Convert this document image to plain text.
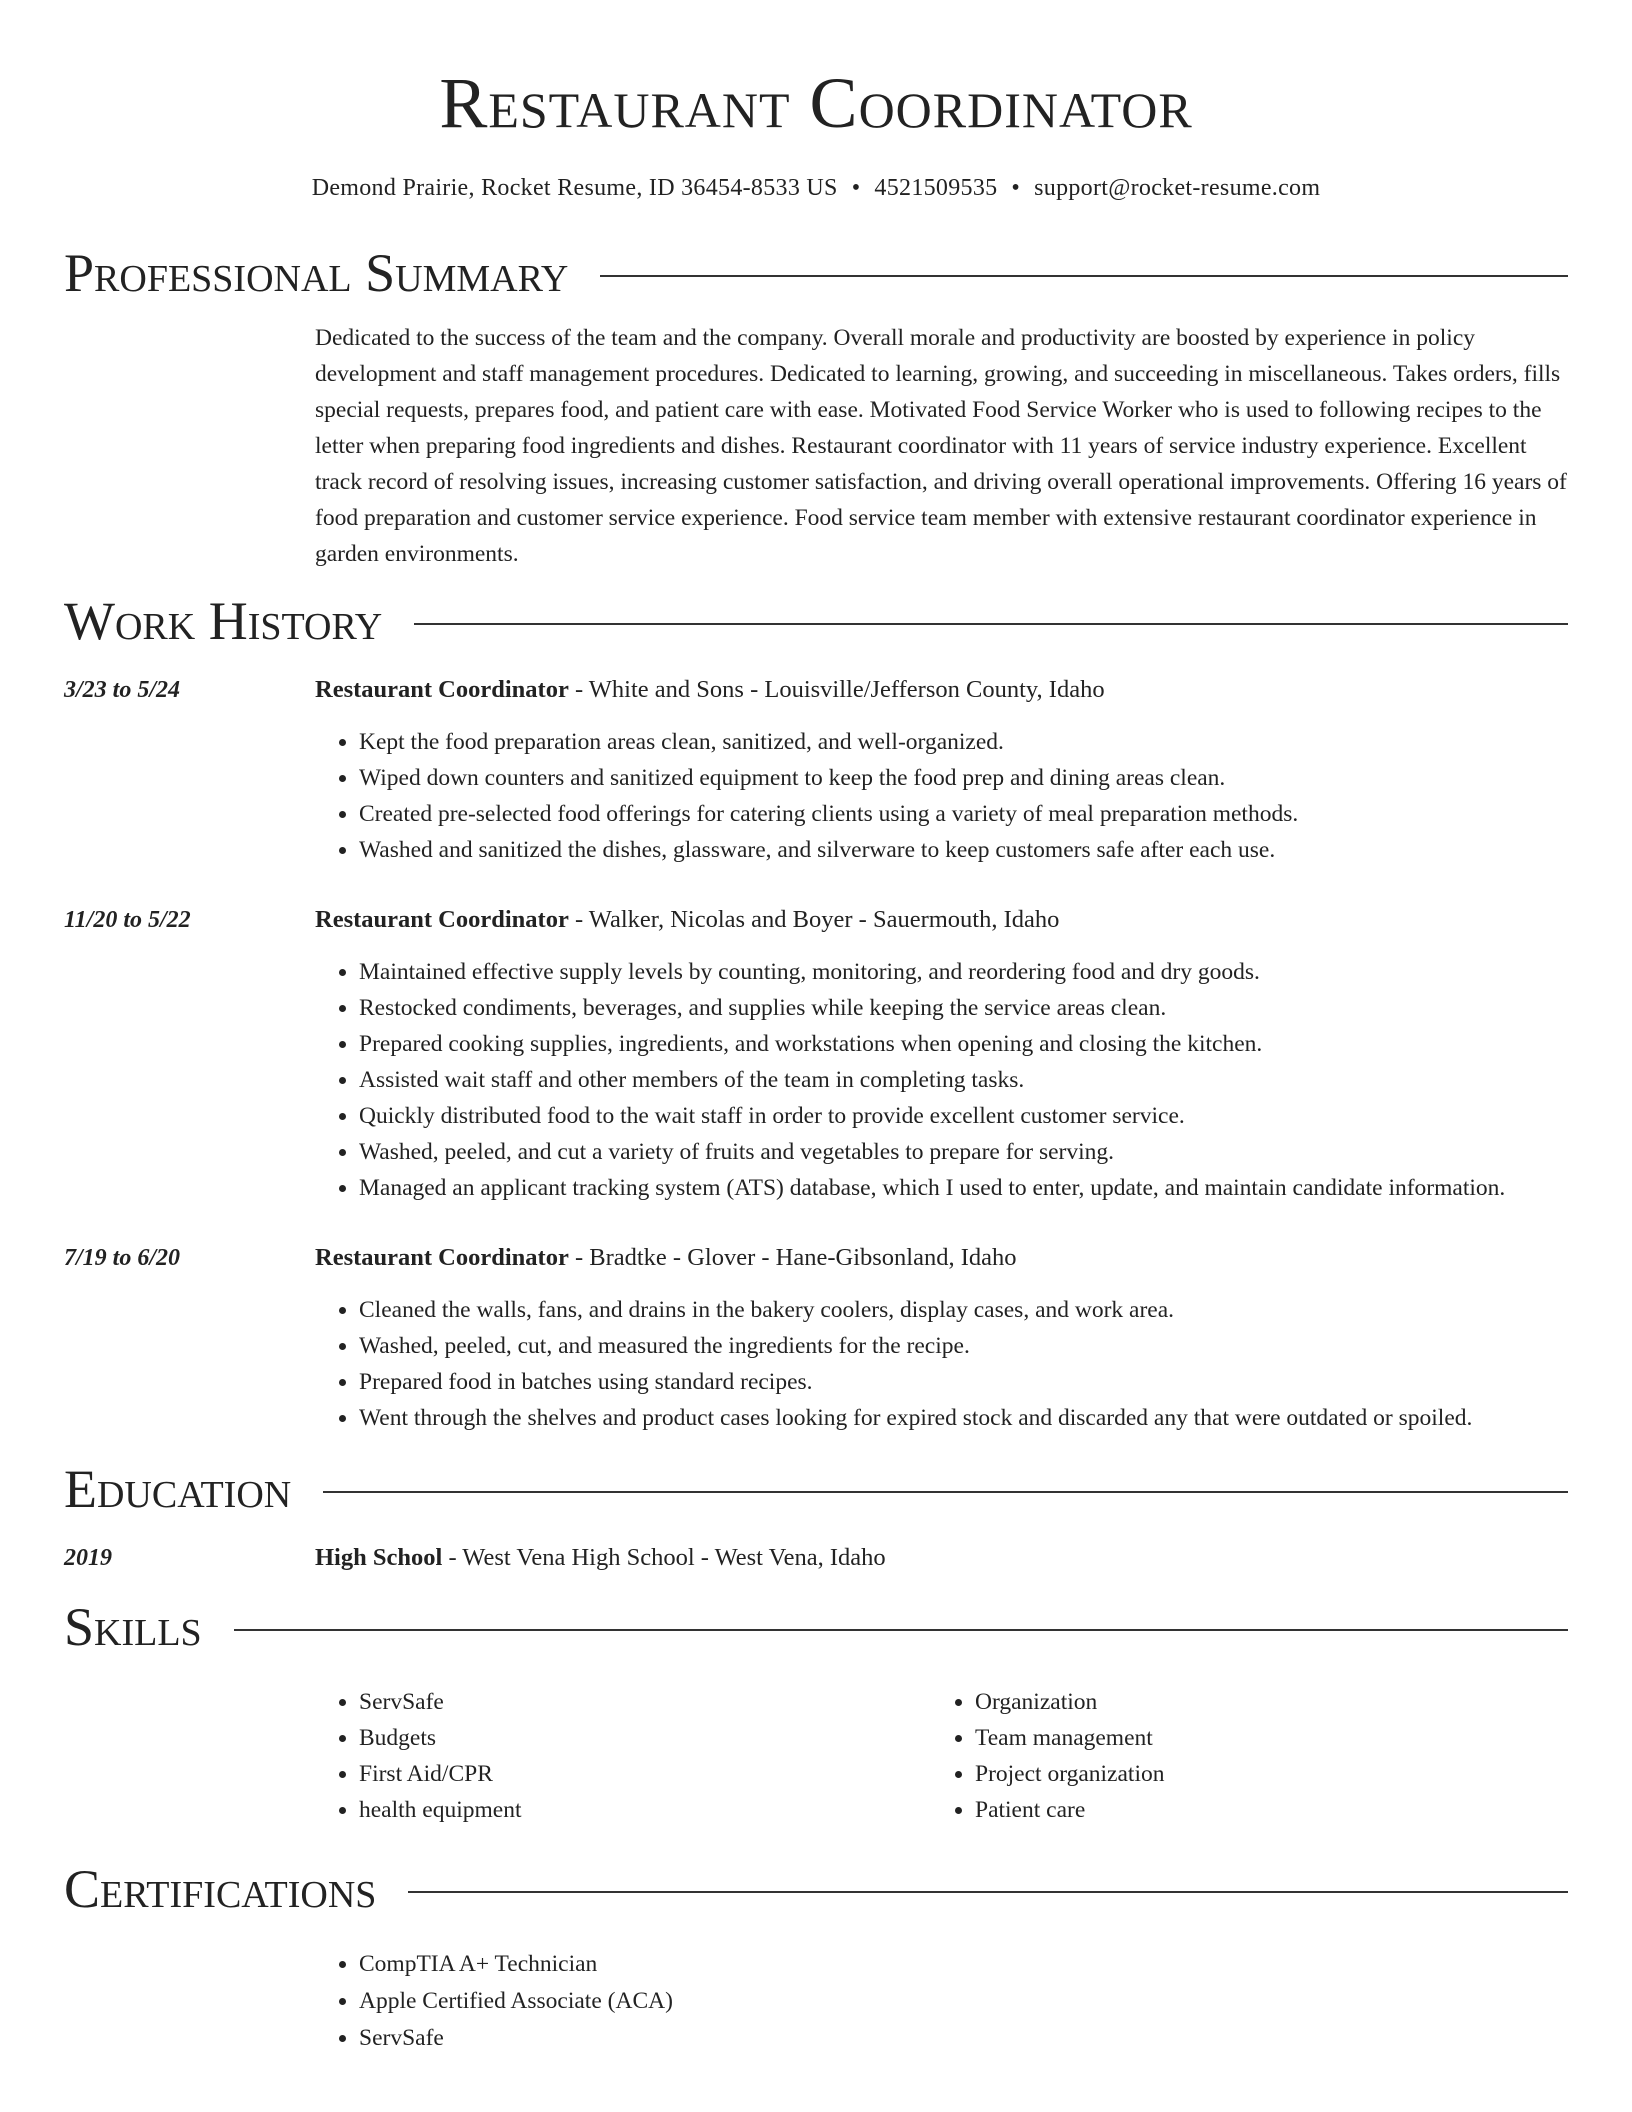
Restaurant Coordinator
Demond Prairie, Rocket Resume, ID 36454-8533 US • 4521509535 • support@rocket-resume.com
Professional Summary
Dedicated to the success of the team and the company. Overall morale and productivity are boosted by experience in policy development and staff management procedures. Dedicated to learning, growing, and succeeding in miscellaneous. Takes orders, fills special requests, prepares food, and patient care with ease. Motivated Food Service Worker who is used to following recipes to the letter when preparing food ingredients and dishes. Restaurant coordinator with 11 years of service industry experience. Excellent track record of resolving issues, increasing customer satisfaction, and driving overall operational improvements. Offering 16 years of food preparation and customer service experience. Food service team member with extensive restaurant coordinator experience in garden environments.
Work History
3/23 to 5/24	Restaurant Coordinator - White and Sons - Louisville/Jefferson County, Idaho
• Kept the food preparation areas clean, sanitized, and well-organized.
• Wiped down counters and sanitized equipment to keep the food prep and dining areas clean.
• Created pre-selected food offerings for catering clients using a variety of meal preparation methods.
• Washed and sanitized the dishes, glassware, and silverware to keep customers safe after each use.
11/20 to 5/22	Restaurant Coordinator - Walker, Nicolas and Boyer - Sauermouth, Idaho
• Maintained effective supply levels by counting, monitoring, and reordering food and dry goods.
• Restocked condiments, beverages, and supplies while keeping the service areas clean.
• Prepared cooking supplies, ingredients, and workstations when opening and closing the kitchen.
• Assisted wait staff and other members of the team in completing tasks.
• Quickly distributed food to the wait staff in order to provide excellent customer service.
• Washed, peeled, and cut a variety of fruits and vegetables to prepare for serving.
• Managed an applicant tracking system (ATS) database, which I used to enter, update, and maintain candidate information.
7/19 to 6/20	Restaurant Coordinator - Bradtke - Glover - Hane-Gibsonland, Idaho
• Cleaned the walls, fans, and drains in the bakery coolers, display cases, and work area.
• Washed, peeled, cut, and measured the ingredients for the recipe.
• Prepared food in batches using standard recipes.
• Went through the shelves and product cases looking for expired stock and discarded any that were outdated or spoiled.
Education
2019	High School - West Vena High School - West Vena, Idaho
Skills
• ServSafe
• Budgets
• First Aid/CPR
• health equipment
• Organization
• Team management
• Project organization
• Patient care
Certifications
• CompTIA A+ Technician
• Apple Certified Associate (ACA)
• ServSafe
